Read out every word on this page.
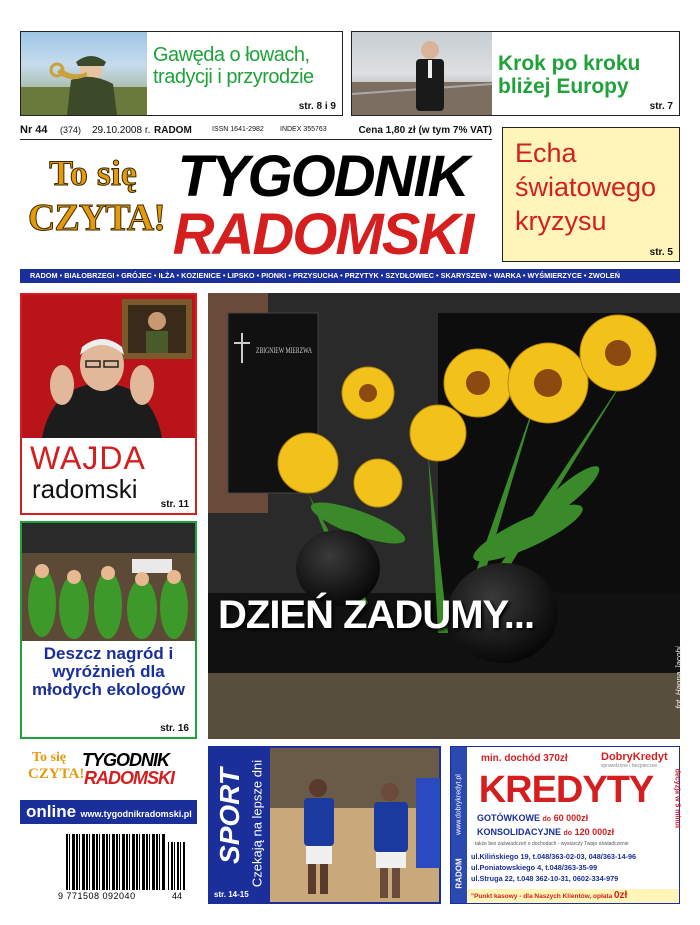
Gawęda o łowach, tradycji i przyrodzie
str. 8 i 9
Krok po kroku bliżej Europy
str. 7
Nr 44 (374) 29.10.2008 r. RADOM	ISSN 1641-2982 INDEX 355763	Cena 1,80 zł (w tym 7% VAT)
To się
CZYTA!
TYGODNIK
RADOMSKI
Echa światowego kryzysu
str. 5
RADOM • BIAŁOBRZEGI • GRÓJEC • IŁŻA • KOZIENICE • LIPSKO • PIONKI • PRZYSUCHA • PRZYTYK • SZYDŁOWIEC • SKARYSZEW • WARKA • WYŚMIERZYCE • ZWOLEŃ
WAJDA
radomski
str. 11
ZBIGNIEW MIERZWA
DZIEŃ ZADUMY...
fot. Hanna Jacobi
Deszcz nagród i wyróżnień dla młodych ekologów
str. 16
To się
CZYTA!
TYGODNIK
RADOMSKI
online www.tygodnikradomski.pl
9 771508 092040	44
SPORT Czekają na lepsze dni
str. 14-15
www.dobrykredyt.pl
RADOM
DobryKredyt
sprawdzone i bezpieczne
min. dochód 370zł
KREDYTY
GOTÓWKOWE do 60 000zł
KONSOLIDACYJNE do 120 000zł
także bez zaświadczeń o dochodach - wystarczy Twoje oświadczenie
ul.Kilińskiego 19, t.048/363-02-03, 048/363-14-96
ul.Poniatowskiego 4, t.048/363-35-99
ul.Struga 22, t.048 362-10-31, 0602-334-979
"Punkt kasowy - dla Naszych Klientów, opłata 0zł
decyzja w 5 minut
